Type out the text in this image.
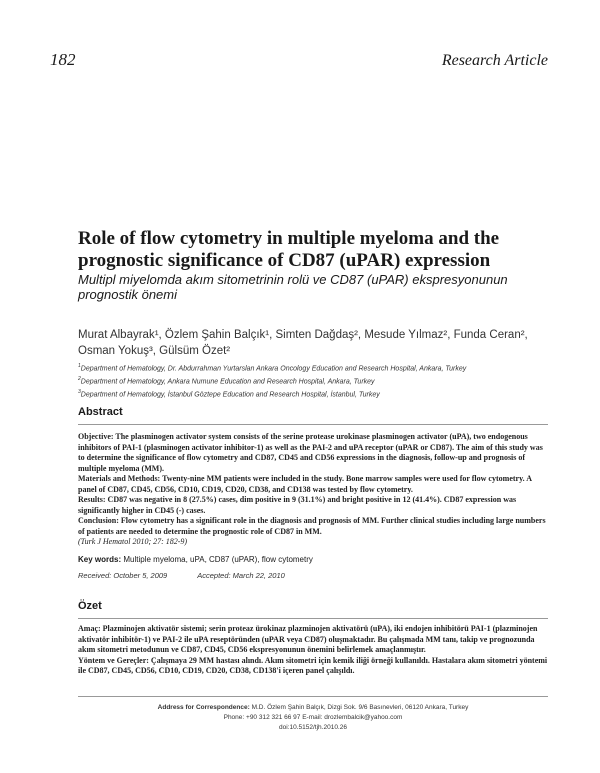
182	Research Article
Role of flow cytometry in multiple myeloma and the prognostic significance of CD87 (uPAR) expression
Multipl miyelomda akım sitometrinin rolü ve CD87 (uPAR) ekspresyonunun prognostik önemi
Murat Albayrak¹, Özlem Şahin Balçık¹, Simten Dağdaş², Mesude Yılmaz², Funda Ceran², Osman Yokuş³, Gülsüm Özet²
$^1$Department of Hematology, Dr. Abdurrahman Yurtarslan Ankara Oncology Education and Research Hospital, Ankara, Turkey
$^2$Department of Hematology, Ankara Numune Education and Research Hospital, Ankara, Turkey
$^3$Department of Hematology, İstanbul Göztepe Education and Research Hospital, İstanbul, Turkey
Abstract

Objective: The plasminogen activator system consists of the serine protease urokinase plasminogen activator (uPA), two endogenous inhibitors of PAI-1 (plasminogen activator inhibitor-1) as well as the PAI-2 and uPA receptor (uPAR or CD87). The aim of this study was to determine the significance of flow cytometry and CD87, CD45 and CD56 expressions in the diagnosis, follow-up and prognosis of multiple myeloma (MM).

Materials and Methods: Twenty-nine MM patients were included in the study. Bone marrow samples were used for flow cytometry. A panel of CD87, CD45, CD56, CD10, CD19, CD20, CD38, and CD138 was tested by flow cytometry.

Results: CD87 was negative in 8 (27.5%) cases, dim positive in 9 (31.1%) and bright positive in 12 (41.4%). CD87 expression was significantly higher in CD45 (-) cases.

Conclusion: Flow cytometry has a significant role in the diagnosis and prognosis of MM. Further clinical studies including large numbers of patients are needed to determine the prognostic role of CD87 in MM.

(Turk J Hematol 2010; 27: 182-9)

Key words: Multiple myeloma, uPA, CD87 (uPAR), flow cytometry
Received: October 5, 2009	Accepted: March 22, 2010
Özet

Amaç: Plazminojen aktivatör sistemi; serin proteaz ürokinaz plazminojen aktivatörü (uPA), iki endojen inhibitörü PAI-1 (plazminojen aktivatör inhibitör-1) ve PAI-2 ile uPA reseptöründen (uPAR veya CD87) oluşmaktadır. Bu çalışmada MM tanı, takip ve prognozunda akım sitometri metodunun ve CD87, CD45, CD56 ekspresyonunun önemini belirlemek amaçlanmıştır.

Yöntem ve Gereçler: Çalışmaya 29 MM hastası alındı. Akım sitometri için kemik iliği örneği kullanıldı. Hastalara akım sitometri yöntemi ile CD87, CD45, CD56, CD10, CD19, CD20, CD38, CD138'i içeren panel çalışıldı.

Address for Correspondence: M.D. Özlem Şahin Balçık, Dizgi Sok. 9/6 Basınevleri, 06120 Ankara, Turkey
Phone: +90 312 321 66 97 E-mail: drozlembalcik@yahoo.com
doi:10.5152/tjh.2010.26
